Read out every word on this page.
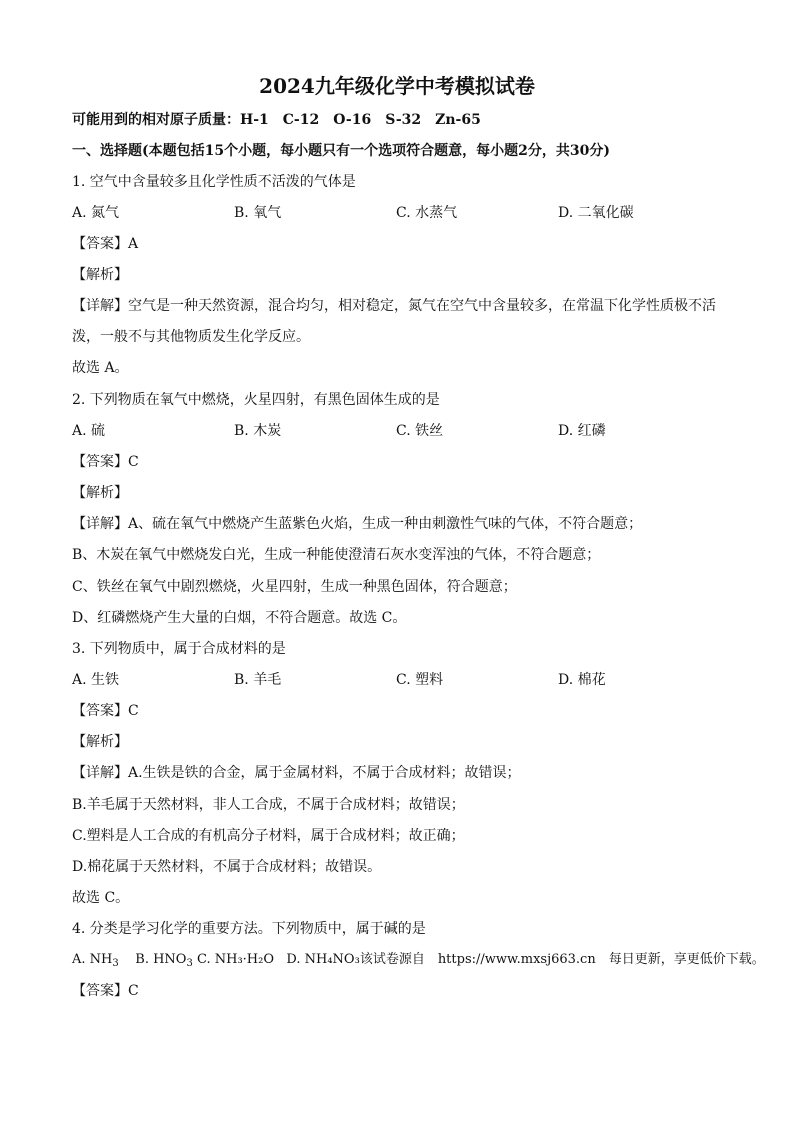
2024九年级化学中考模拟试卷
可能用到的相对原子质量：H-1　C-12　O-16　S-32　Zn-65
一、选择题(本题包括15个小题，每小题只有一个选项符合题意，每小题2分，共30分)
1. 空气中含量较多且化学性质不活泼的气体是
A. 氮气	B. 氧气	C. 水蒸气	D. 二氧化碳
【答案】A
【解析】
【详解】空气是一种天然资源，混合均匀，相对稳定，氮气在空气中含量较多，在常温下化学性质极不活
泼，一般不与其他物质发生化学反应。
故选 A。
2. 下列物质在氧气中燃烧，火星四射，有黑色固体生成的是
A. 硫	B. 木炭	C. 铁丝	D. 红磷
【答案】C
【解析】
【详解】A、硫在氧气中燃烧产生蓝紫色火焰，生成一种由刺激性气味的气体，不符合题意；
B、木炭在氧气中燃烧发白光，生成一种能使澄清石灰水变浑浊的气体，不符合题意；
C、铁丝在氧气中剧烈燃烧，火星四射，生成一种黑色固体，符合题意；
D、红磷燃烧产生大量的白烟，不符合题意。故选 C。
3. 下列物质中，属于合成材料的是
A. 生铁	B. 羊毛	C. 塑料	D. 棉花
【答案】C
【解析】
【详解】A.生铁是铁的合金，属于金属材料，不属于合成材料；故错误；
B.羊毛属于天然材料，非人工合成，不属于合成材料；故错误；
C.塑料是人工合成的有机高分子材料，属于合成材料；故正确；
D.棉花属于天然材料，不属于合成材料；故错误。
故选 C。
4. 分类是学习化学的重要方法。下列物质中，属于碱的是
A. $NH_3$ B. $HNO_3$ C. NH₃·H₂O D. NH₄NO₃该试卷源自　https://www.mxsj663.cn　每日更新，享更低价下载。
【答案】C
